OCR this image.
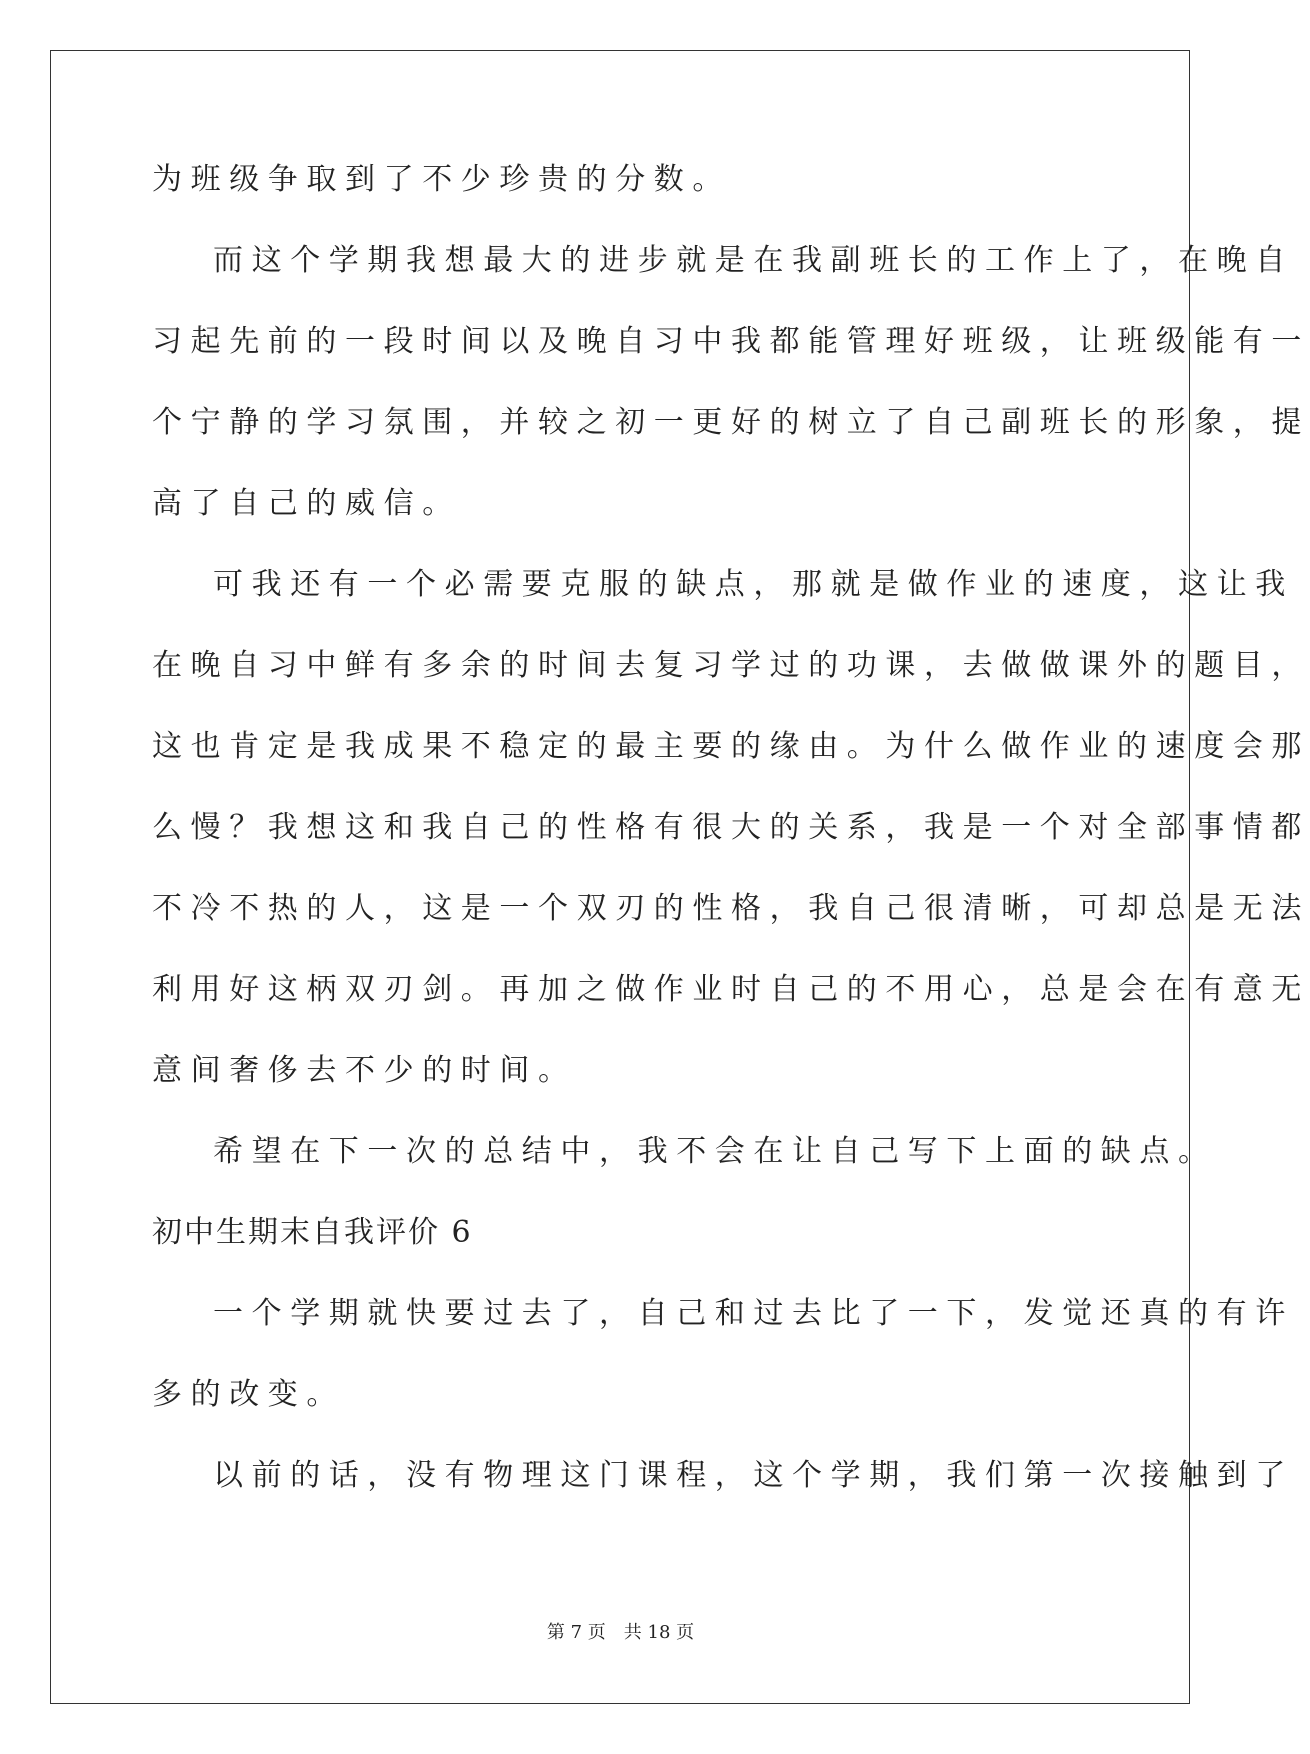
为班级争取到了不少珍贵的分数。
而这个学期我想最大的进步就是在我副班长的工作上了，在晚自
习起先前的一段时间以及晚自习中我都能管理好班级，让班级能有一
个宁静的学习氛围，并较之初一更好的树立了自己副班长的形象，提
高了自己的威信。
可我还有一个必需要克服的缺点，那就是做作业的速度，这让我
在晚自习中鲜有多余的时间去复习学过的功课，去做做课外的题目，
这也肯定是我成果不稳定的最主要的缘由。为什么做作业的速度会那
么慢？我想这和我自己的性格有很大的关系，我是一个对全部事情都
不冷不热的人，这是一个双刃的性格，我自己很清晰，可却总是无法
利用好这柄双刃剑。再加之做作业时自己的不用心，总是会在有意无
意间奢侈去不少的时间。
希望在下一次的总结中，我不会在让自己写下上面的缺点。
初中生期末自我评价 6
一个学期就快要过去了，自己和过去比了一下，发觉还真的有许
多的改变。
以前的话，没有物理这门课程，这个学期，我们第一次接触到了
第 7 页 共 18 页
